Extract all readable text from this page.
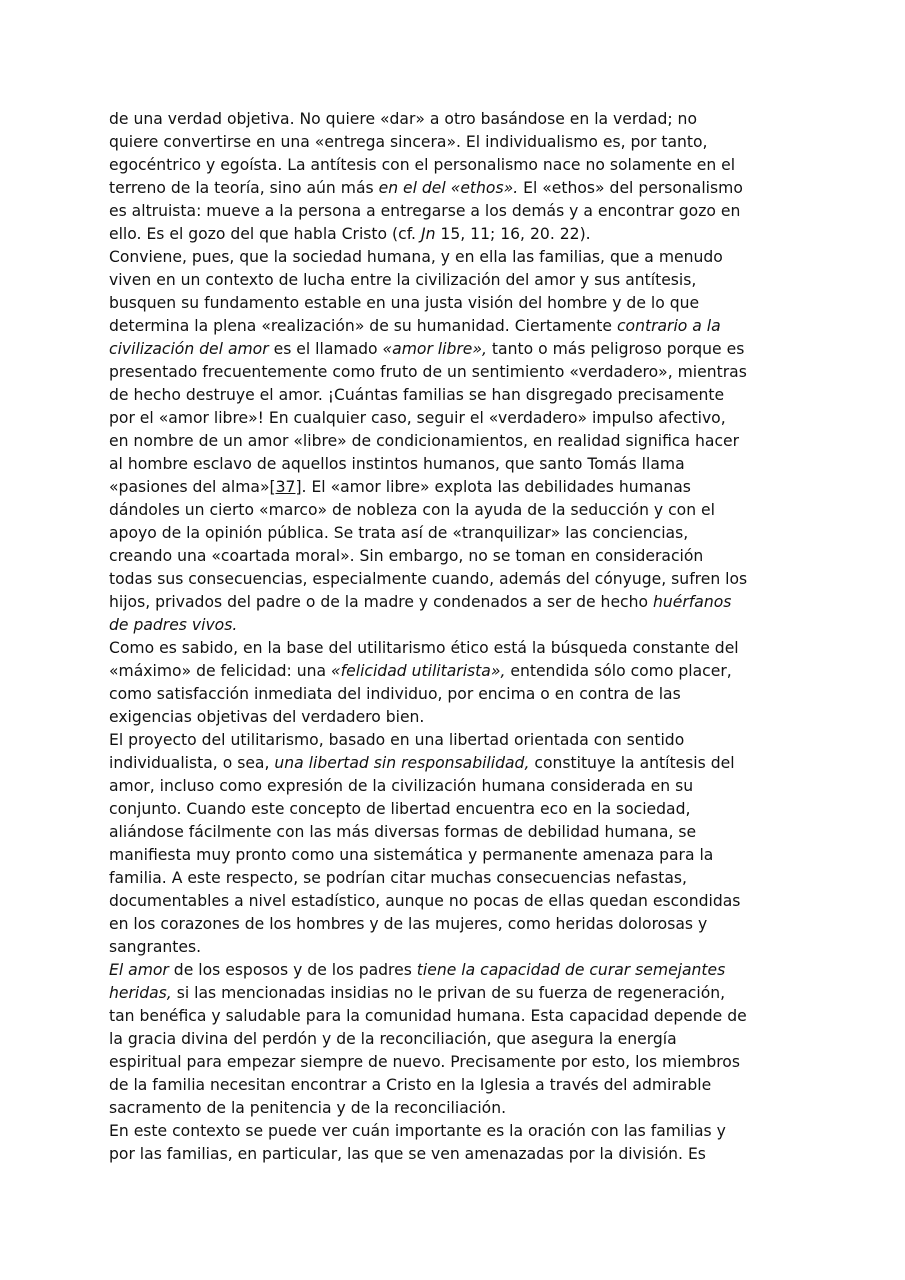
de una verdad objetiva. No quiere «dar» a otro basándose en la verdad; no
quiere convertirse en una «entrega sincera». El individualismo es, por tanto,
egocéntrico y egoísta. La antítesis con el personalismo nace no solamente en el
terreno de la teoría, sino aún más en el del «ethos». El «ethos» del personalismo
es altruista: mueve a la persona a entregarse a los demás y a encontrar gozo en
ello. Es el gozo del que habla Cristo (cf. Jn 15, 11; 16, 20. 22).
Conviene, pues, que la sociedad humana, y en ella las familias, que a menudo
viven en un contexto de lucha entre la civilización del amor y sus antítesis,
busquen su fundamento estable en una justa visión del hombre y de lo que
determina la plena «realización» de su humanidad. Ciertamente contrario a la
civilización del amor es el llamado «amor libre», tanto o más peligroso porque es
presentado frecuentemente como fruto de un sentimiento «verdadero», mientras
de hecho destruye el amor. ¡Cuántas familias se han disgregado precisamente
por el «amor libre»! En cualquier caso, seguir el «verdadero» impulso afectivo,
en nombre de un amor «libre» de condicionamientos, en realidad significa hacer
al hombre esclavo de aquellos instintos humanos, que santo Tomás llama
«pasiones del alma»[37]. El «amor libre» explota las debilidades humanas
dándoles un cierto «marco» de nobleza con la ayuda de la seducción y con el
apoyo de la opinión pública. Se trata así de «tranquilizar» las conciencias,
creando una «coartada moral». Sin embargo, no se toman en consideración
todas sus consecuencias, especialmente cuando, además del cónyuge, sufren los
hijos, privados del padre o de la madre y condenados a ser de hecho huérfanos
de padres vivos.
Como es sabido, en la base del utilitarismo ético está la búsqueda constante del
«máximo» de felicidad: una «felicidad utilitarista», entendida sólo como placer,
como satisfacción inmediata del individuo, por encima o en contra de las
exigencias objetivas del verdadero bien.
El proyecto del utilitarismo, basado en una libertad orientada con sentido
individualista, o sea, una libertad sin responsabilidad, constituye la antítesis del
amor, incluso como expresión de la civilización humana considerada en su
conjunto. Cuando este concepto de libertad encuentra eco en la sociedad,
aliándose fácilmente con las más diversas formas de debilidad humana, se
manifiesta muy pronto como una sistemática y permanente amenaza para la
familia. A este respecto, se podrían citar muchas consecuencias nefastas,
documentables a nivel estadístico, aunque no pocas de ellas quedan escondidas
en los corazones de los hombres y de las mujeres, como heridas dolorosas y
sangrantes.
El amor de los esposos y de los padres tiene la capacidad de curar semejantes
heridas, si las mencionadas insidias no le privan de su fuerza de regeneración,
tan benéfica y saludable para la comunidad humana. Esta capacidad depende de
la gracia divina del perdón y de la reconciliación, que asegura la energía
espiritual para empezar siempre de nuevo. Precisamente por esto, los miembros
de la familia necesitan encontrar a Cristo en la Iglesia a través del admirable
sacramento de la penitencia y de la reconciliación.
En este contexto se puede ver cuán importante es la oración con las familias y
por las familias, en particular, las que se ven amenazadas por la división. Es
